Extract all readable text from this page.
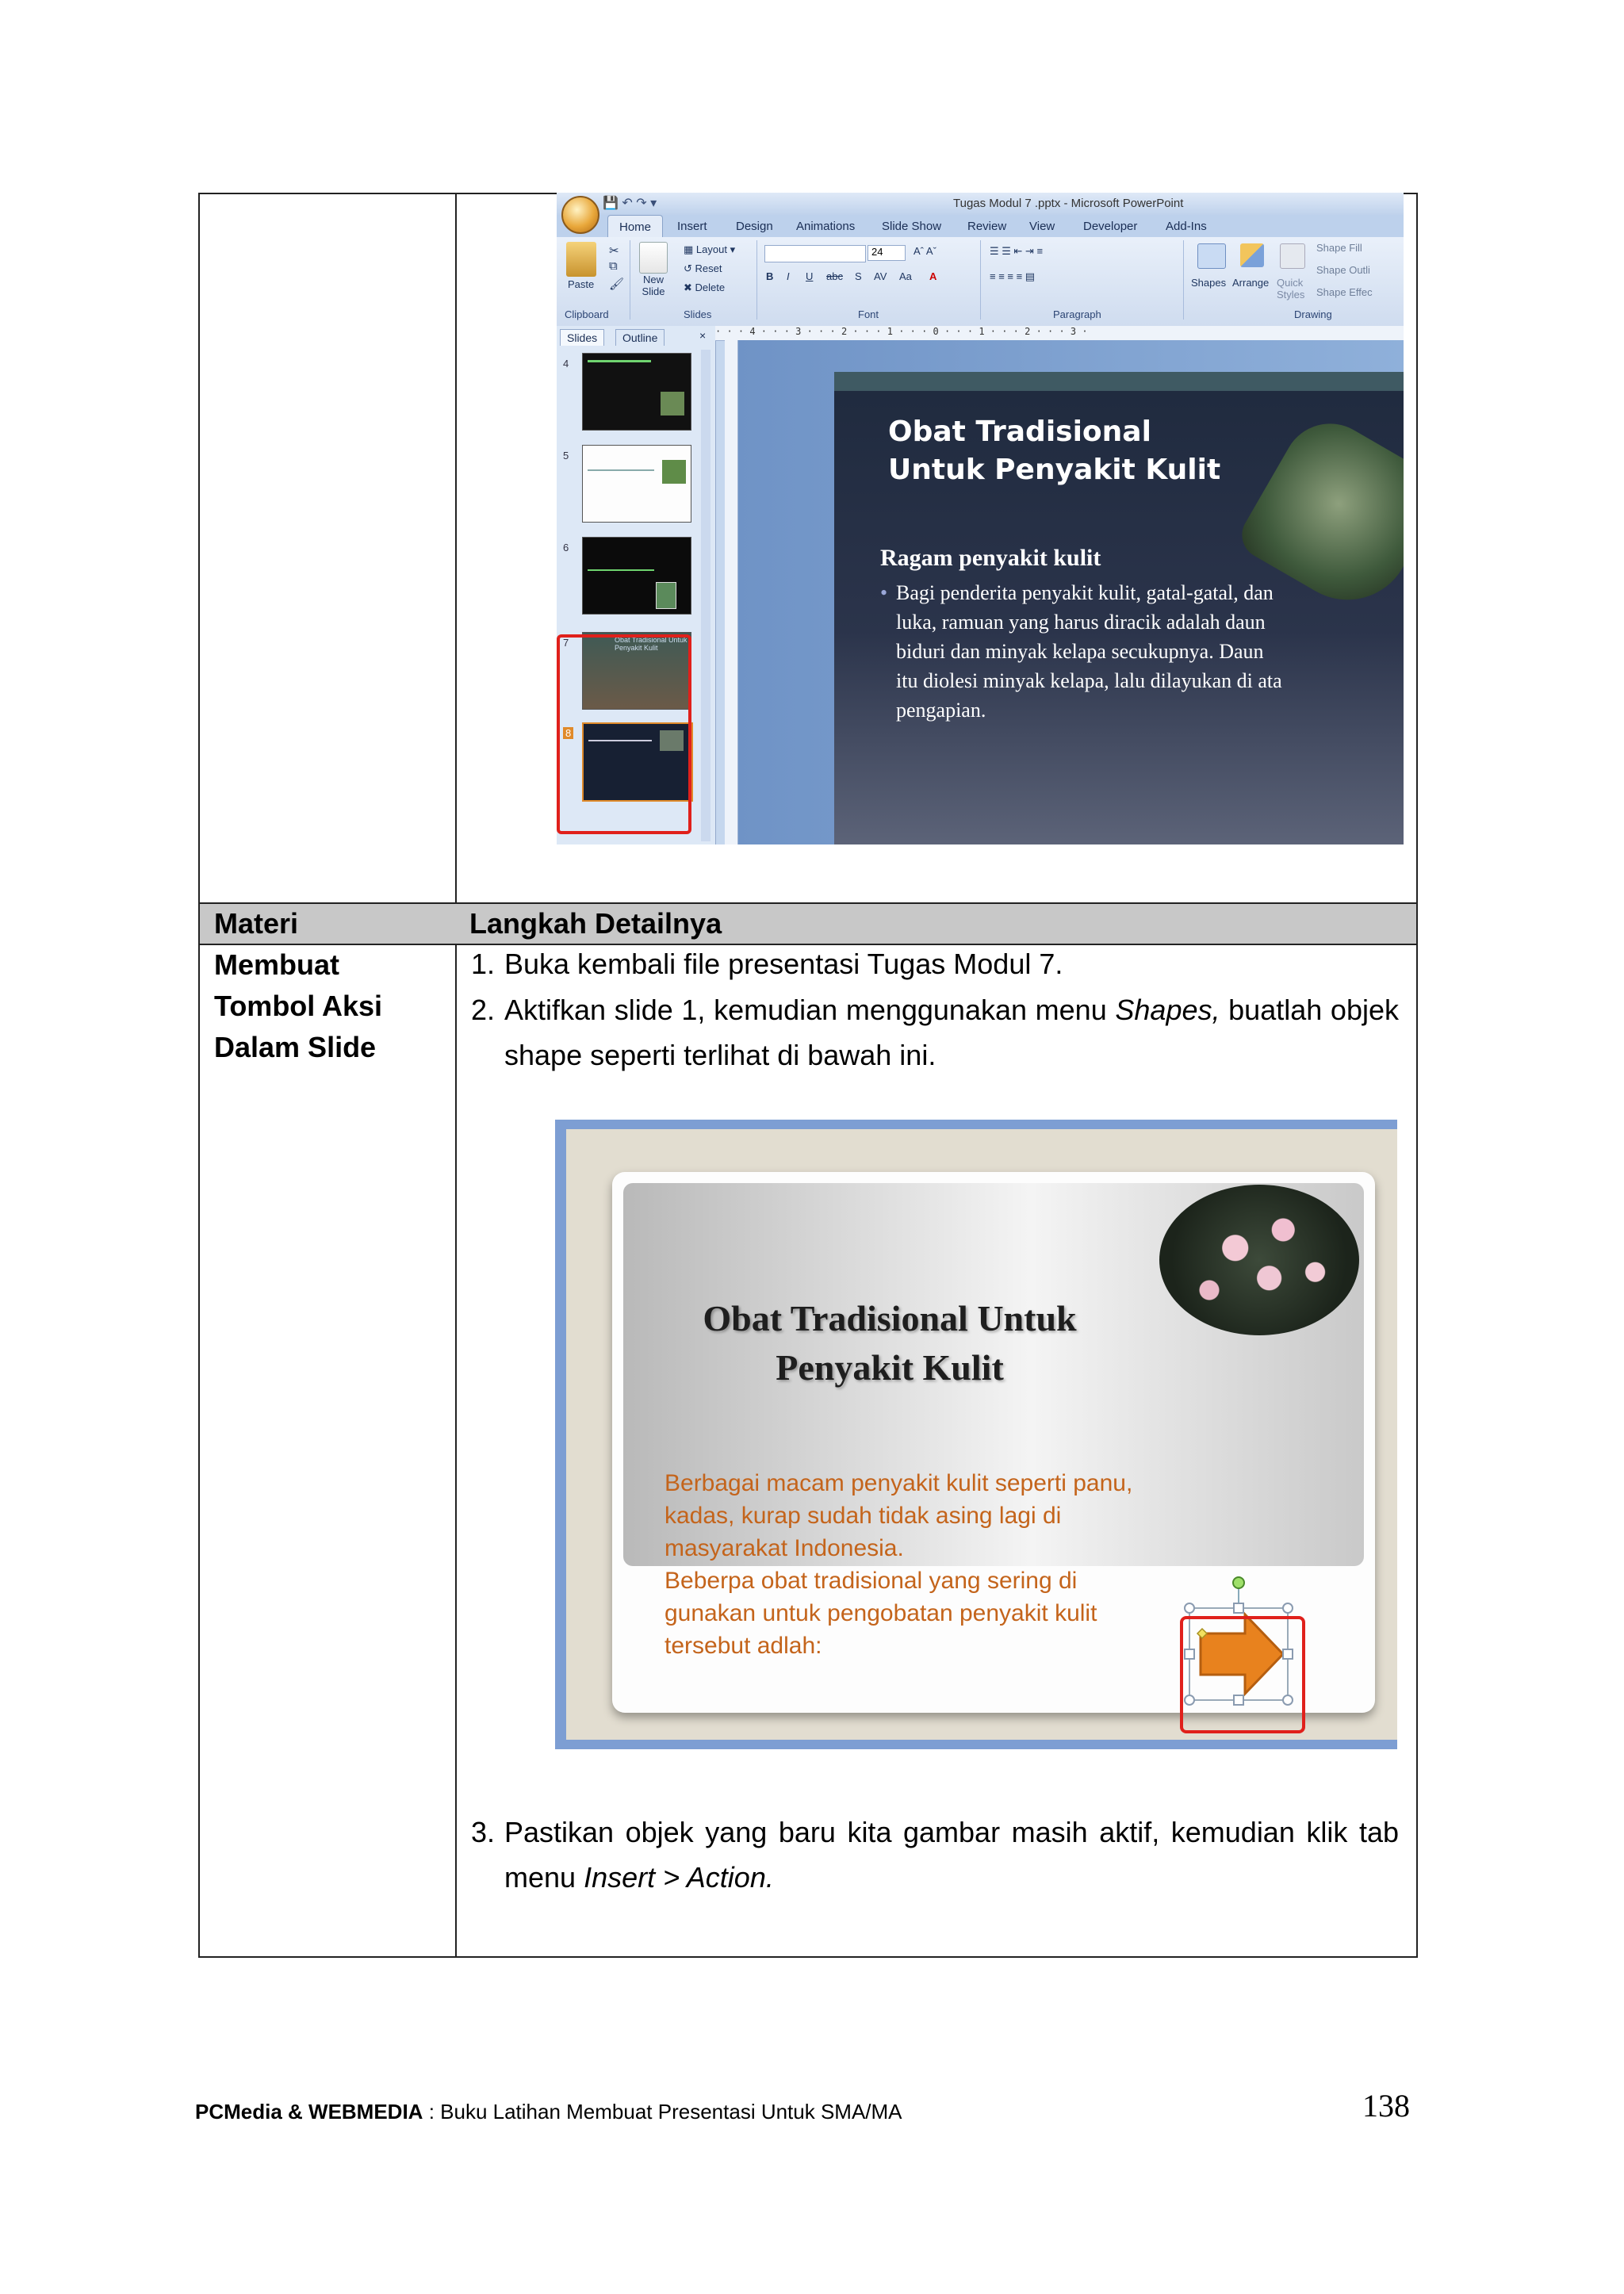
Materi	Langkah Detailnya
Membuat
Tombol Aksi
Dalam Slide
1. Buka kembali file presentasi Tugas Modul 7.
2. Aktifkan slide 1, kemudian menggunakan menu Shapes, buatlah objek shape seperti terlihat di bawah ini.
3. Pastikan objek yang baru kita gambar masih aktif, kemudian klik tab menu Insert > Action.
💾 ↶ ↷ ▾	Tugas Modul 7 .pptx - Microsoft PowerPoint
Home	Insert Design Animations Slide Show Review View Developer Add-Ins
Paste
✂
⧉
🖌	New Slide
▦ Layout ▾
↺ Reset
✖ Delete
24	Aˆ Aˇ
B I U abc S AV Aa A
☰ ☰ ⇤ ⇥ ≡
≡ ≡ ≡ ≡ ▤
Shapes Arrange Quick Styles
Shape Fill
Shape Outli
Shape Effec
Clipboard	Slides	Font	Paragraph	Drawing
Slides	Outline	×
4
5
6
7	Obat Tradisional Untuk Penyakit Kulit
8
· · · 4 · · · 3 · · · 2 · · · 1 · · · 0 · · · 1 · · · 2 · · · 3 ·
Obat Tradisional
Untuk Penyakit Kulit
Ragam penyakit kulit
• Bagi penderita penyakit kulit, gatal-gatal, dan
luka, ramuan yang harus diracik adalah daun
biduri dan minyak kelapa secukupnya. Daun
itu diolesi minyak kelapa, lalu dilayukan di ata
pengapian.
Obat Tradisional Untuk
Penyakit Kulit
Berbagai macam penyakit kulit seperti panu,
kadas, kurap sudah tidak asing lagi di
masyarakat Indonesia.
Beberpa obat tradisional yang sering di
gunakan untuk pengobatan penyakit kulit
tersebut adlah:
PCMedia & WEBMEDIA : Buku Latihan Membuat Presentasi Untuk SMA/MA	138
